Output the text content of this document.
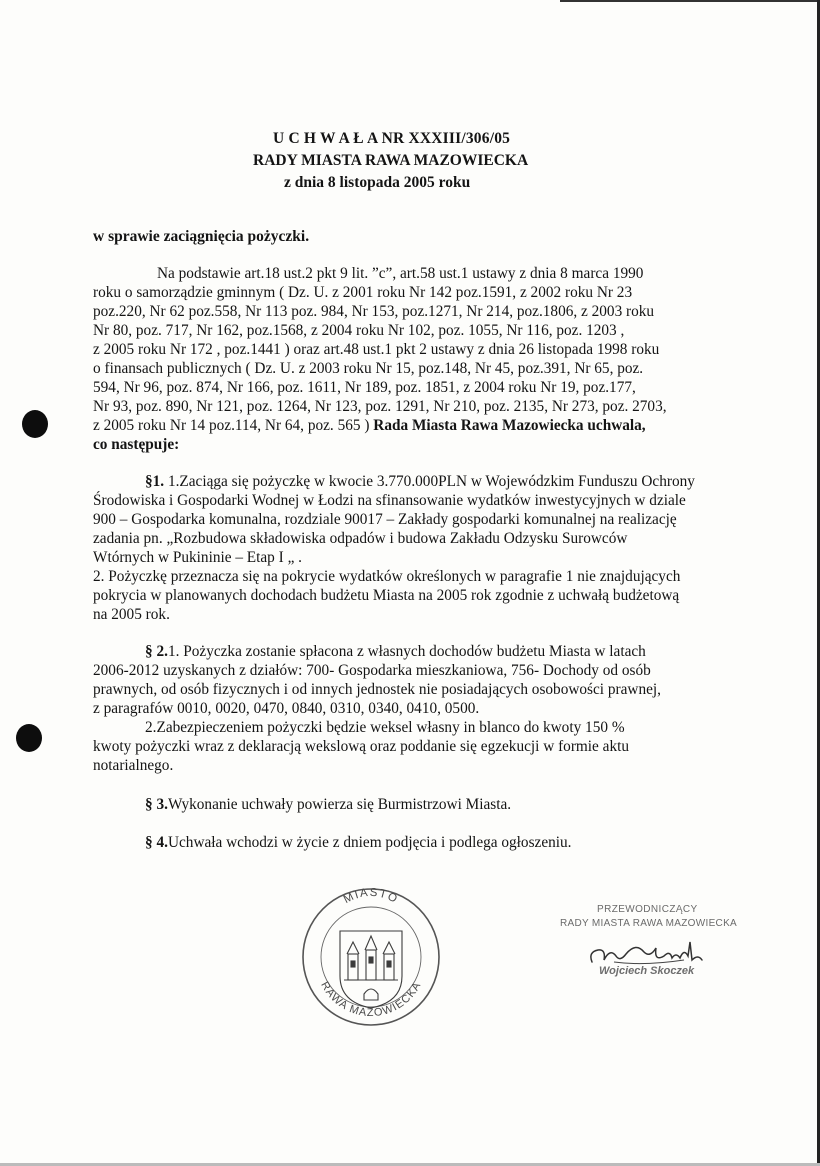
U C H W A Ł A NR XXXIII/306/05
RADY MIASTA RAWA MAZOWIECKA
z dnia 8 listopada 2005 roku
w sprawie zaciągnięcia pożyczki.
Na podstawie art.18 ust.2 pkt 9 lit. ”c”, art.58 ust.1 ustawy z dnia 8 marca 1990
roku o samorządzie gminnym ( Dz. U. z 2001 roku Nr 142 poz.1591, z 2002 roku Nr 23
poz.220, Nr 62 poz.558, Nr 113 poz. 984, Nr 153, poz.1271, Nr 214, poz.1806, z 2003 roku
Nr 80, poz. 717, Nr 162, poz.1568, z 2004 roku Nr 102, poz. 1055, Nr 116, poz. 1203 ,
z 2005 roku Nr 172 , poz.1441 ) oraz art.48 ust.1 pkt 2 ustawy z dnia 26 listopada 1998 roku
o finansach publicznych ( Dz. U. z 2003 roku Nr 15, poz.148, Nr 45, poz.391, Nr 65, poz.
594, Nr 96, poz. 874, Nr 166, poz. 1611, Nr 189, poz. 1851, z 2004 roku Nr 19, poz.177,
Nr 93, poz. 890, Nr 121, poz. 1264, Nr 123, poz. 1291, Nr 210, poz. 2135, Nr 273, poz. 2703,
z 2005 roku Nr 14 poz.114, Nr 64, poz. 565 ) Rada Miasta Rawa Mazowiecka uchwala,
co następuje:
§1. 1.Zaciąga się pożyczkę w kwocie 3.770.000PLN w Wojewódzkim Funduszu Ochrony
Środowiska i Gospodarki Wodnej w Łodzi na sfinansowanie wydatków inwestycyjnych w dziale
900 – Gospodarka komunalna, rozdziale 90017 – Zakłady gospodarki komunalnej na realizację
zadania pn. „Rozbudowa składowiska odpadów i budowa Zakładu Odzysku Surowców
Wtórnych w Pukininie – Etap I „ .
2. Pożyczkę przeznacza się na pokrycie wydatków określonych w paragrafie 1 nie znajdujących
pokrycia w planowanych dochodach budżetu Miasta na 2005 rok zgodnie z uchwałą budżetową
na 2005 rok.
§ 2.1. Pożyczka zostanie spłacona z własnych dochodów budżetu Miasta w latach
2006-2012 uzyskanych z działów: 700- Gospodarka mieszkaniowa, 756- Dochody od osób
prawnych, od osób fizycznych i od innych jednostek nie posiadających osobowości prawnej,
z paragrafów 0010, 0020, 0470, 0840, 0310, 0340, 0410, 0500.
2.Zabezpieczeniem pożyczki będzie weksel własny in blanco do kwoty 150 %
kwoty pożyczki wraz z deklaracją wekslową oraz poddanie się egzekucji w formie aktu
notarialnego.
§ 3.Wykonanie uchwały powierza się Burmistrzowi Miasta.
§ 4.Uchwała wchodzi w życie z dniem podjęcia i podlega ogłoszeniu.
MIASTO
RAWA MAZOWIECKA
PRZEWODNICZĄCY
RADY MIASTA RAWA MAZOWIECKA
Wojciech Skoczek
